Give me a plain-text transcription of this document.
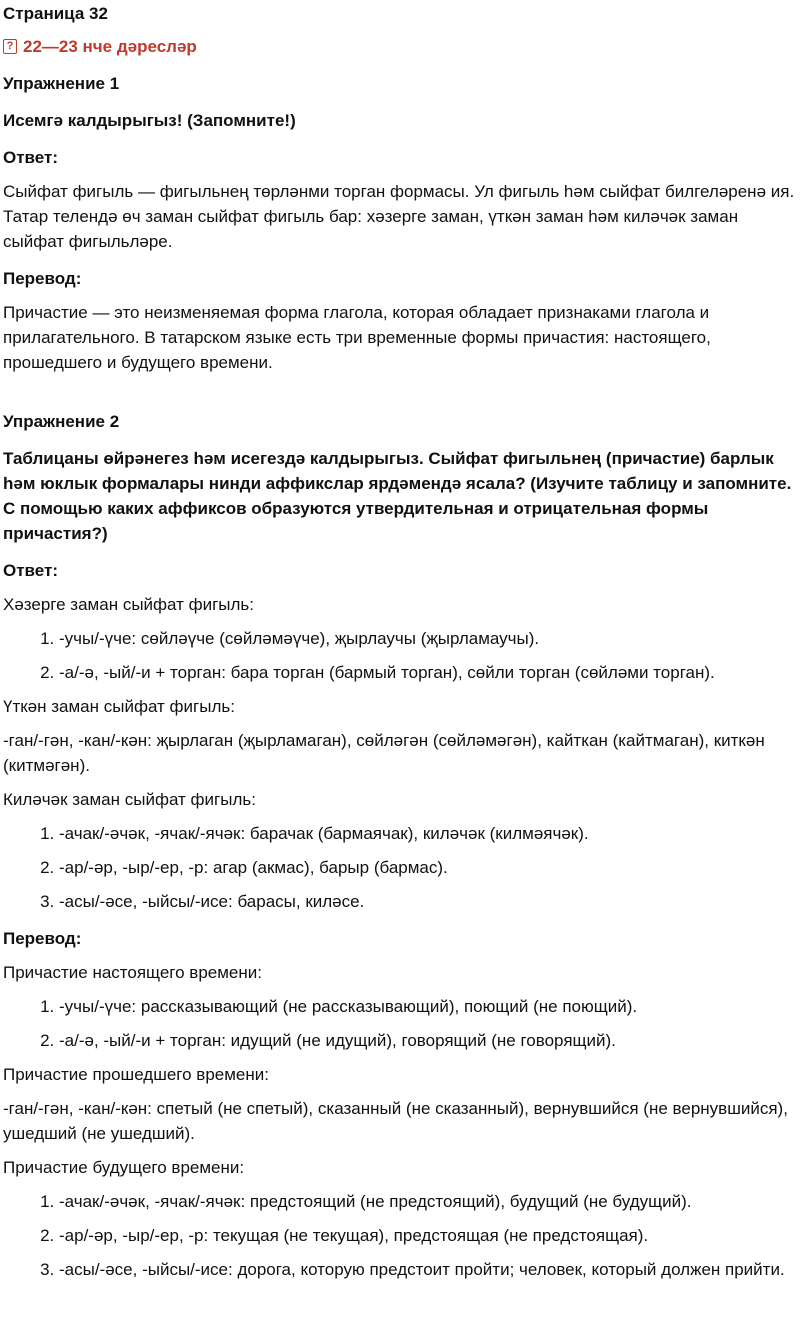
Страница 32
? 22—23 нче дәресләр
Упражнение 1
Исемгә калдырыгыз! (Запомните!)
Ответ:

Сыйфат фигыль — фигыльнең төрләнми торган формасы. Ул фигыль һәм сыйфат билгеләренә ия. Татар телендә өч заман сыйфат фигыль бар: хәзерге заман, үткән заман һәм киләчәк заман сыйфат фигыльләре.

Перевод:

Причастие — это неизменяемая форма глагола, которая обладает признаками глагола и прилагательного. В татарском языке есть три временные формы причастия: настоящего, прошедшего и будущего времени.

Упражнение 2
Таблицаны өйрәнегез һәм исегездә калдырыгыз. Сыйфат фигыльнең (причастие) барлык һәм юклык формалары нинди аффикслар ярдәмендә ясала? (Изучите таблицу и запомните. С помощью каких аффиксов образуются утвердительная и отрицательная формы причастия?)
Ответ:

Хәзерге заман сыйфат фигыль:

1. -учы/-үче: сөйләүче (сөйләмәүче), җырлаучы (җырламаучы).
2. -а/-ә, -ый/-и + торган: бара торган (бармый торган), сөйли торган (сөйләми торган).

Үткән заман сыйфат фигыль:

-ган/-гән, -кан/-кән: җырлаган (җырламаган), сөйләгән (сөйләмәгән), кайткан (кайтмаган), киткән (китмәгән).

Киләчәк заман сыйфат фигыль:

1. -ачак/-әчәк, -ячак/-ячәк: барачак (бармаячак), киләчәк (килмәячәк).
2. -ар/-әр, -ыр/-ер, -р: агар (акмас), барыр (бармас).
3. -асы/-әсе, -ыйсы/-исе: барасы, киләсе.
Перевод:

Причастие настоящего времени:

1. -учы/-үче: рассказывающий (не рассказывающий), поющий (не поющий).
2. -а/-ә, -ый/-и + торган: идущий (не идущий), говорящий (не говорящий).

Причастие прошедшего времени:

-ган/-гән, -кан/-кән: спетый (не спетый), сказанный (не сказанный), вернувшийся (не вернувшийся), ушедший (не ушедший).

Причастие будущего времени:

1. -ачак/-әчәк, -ячак/-ячәк: предстоящий (не предстоящий), будущий (не будущий).
2. -ар/-әр, -ыр/-ер, -р: текущая (не текущая), предстоящая (не предстоящая).
3. -асы/-әсе, -ыйсы/-исе: дорога, которую предстоит пройти; человек, который должен прийти.
